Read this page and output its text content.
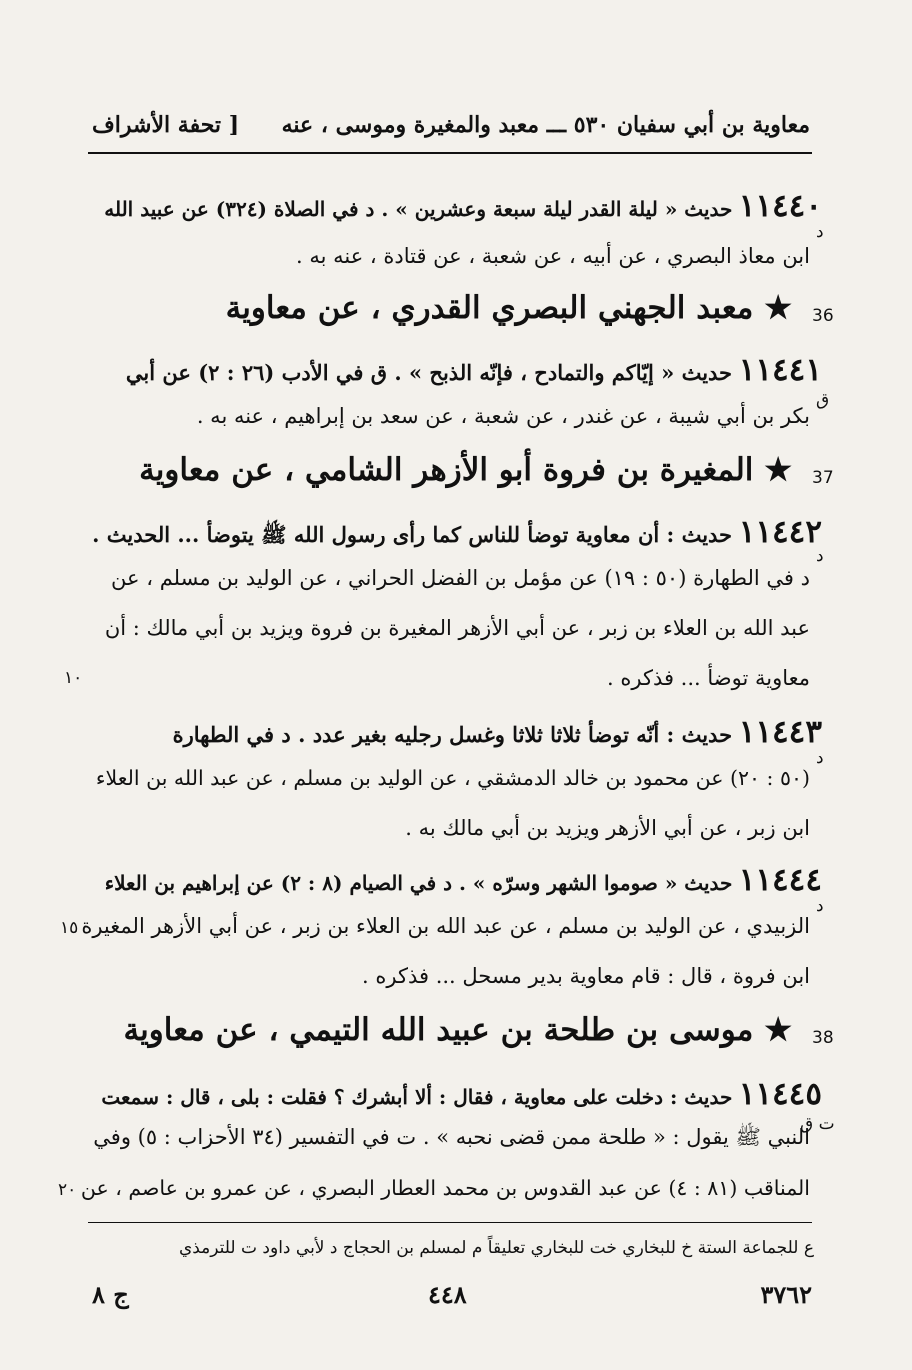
معاوية بن أبي سفيان ٥٣٠ ـــ معبد والمغيرة وموسى ، عنه
[ تحفة الأشراف
١١٤٤٠ حديث « ليلة القدر ليلة سبعة وعشرين » . د في الصلاة (٣٢٤) عن عبيد الله
د
ابن معاذ البصري ، عن أبيه ، عن شعبة ، عن قتادة ، عنه به .
★ معبد الجهني البصري القدري ، عن معاوية	36
١١٤٤١ حديث « إيّاكم والتمادح ، فإنّه الذبح » . ق في الأدب (٢٦ : ٢) عن أبي
ق
بكر بن أبي شيبة ، عن غندر ، عن شعبة ، عن سعد بن إبراهيم ، عنه به .
★ المغيرة بن فروة أبو الأزهر الشامي ، عن معاوية	37
١١٤٤٢ حديث : أن معاوية توضأ للناس كما رأى رسول الله ﷺ يتوضأ ... الحديث .
د
د في الطهارة (٥٠ : ١٩) عن مؤمل بن الفضل الحراني ، عن الوليد بن مسلم ، عن
عبد الله بن العلاء بن زبر ، عن أبي الأزهر المغيرة بن فروة ويزيد بن أبي مالك : أن
معاوية توضأ ... فذكره .
١٠
١١٤٤٣ حديث : أنّه توضأ ثلاثا ثلاثا وغسل رجليه بغير عدد . د في الطهارة
د
(٥٠ : ٢٠) عن محمود بن خالد الدمشقي ، عن الوليد بن مسلم ، عن عبد الله بن العلاء
ابن زبر ، عن أبي الأزهر ويزيد بن أبي مالك به .
١١٤٤٤ حديث « صوموا الشهر وسرّه » . د في الصيام (٨ : ٢) عن إبراهيم بن العلاء
د
الزبيدي ، عن الوليد بن مسلم ، عن عبد الله بن العلاء بن زبر ، عن أبي الأزهر المغيرة
١٥
ابن فروة ، قال : قام معاوية بدير مسحل ... فذكره .
★ موسى بن طلحة بن عبيد الله التيمي ، عن معاوية	38
١١٤٤٥ حديث : دخلت على معاوية ، فقال : ألا أبشرك ؟ فقلت : بلى ، قال : سمعت
ت ق
النبي ﷺ يقول : « طلحة ممن قضى نحبه » . ت في التفسير (٣٤ الأحزاب : ٥) وفي
المناقب (٨١ : ٤) عن عبد القدوس بن محمد العطار البصري ، عن عمرو بن عاصم ، عن
٢٠
ع للجماعة الستة خ للبخاري خت للبخاري تعليقاً م لمسلم بن الحجاج د لأبي داود ت للترمذي
ج ٨	٤٤٨	٣٧٦٢
